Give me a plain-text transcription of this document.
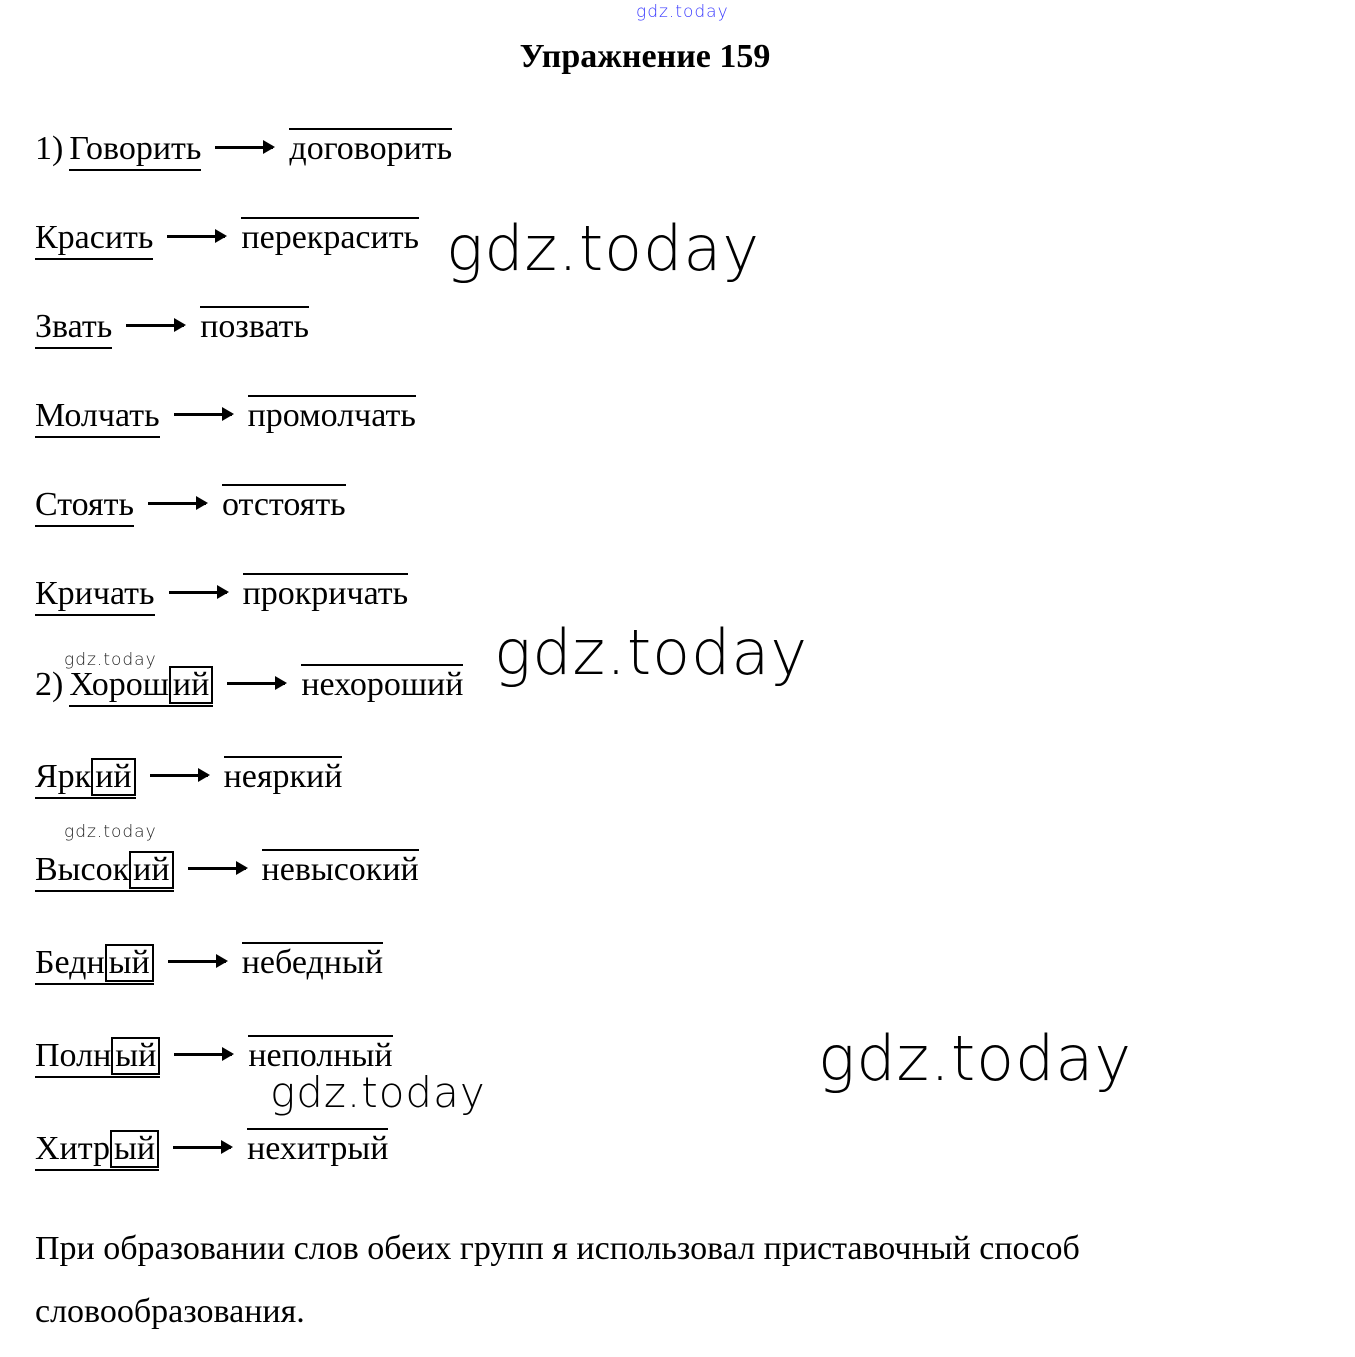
gdz.today
gdz.today
gdz.today
gdz.today
gdz.today
gdz.today
gdz.today
Упражнение 159
1) Говорить	договорить
Красить	перекрасить
Звать	позвать
Молчать	промолчать
Стоять	отстоять
Кричать	прокричать
2) Хорош ий	нехороший
Ярк ий	неяркий
Высок ий	невысокий
Бедн ый	небедный
Полн ый	неполный
Хитр ый	нехитрый
При образовании слов обеих групп я использовал приставочный способ словообразования.
